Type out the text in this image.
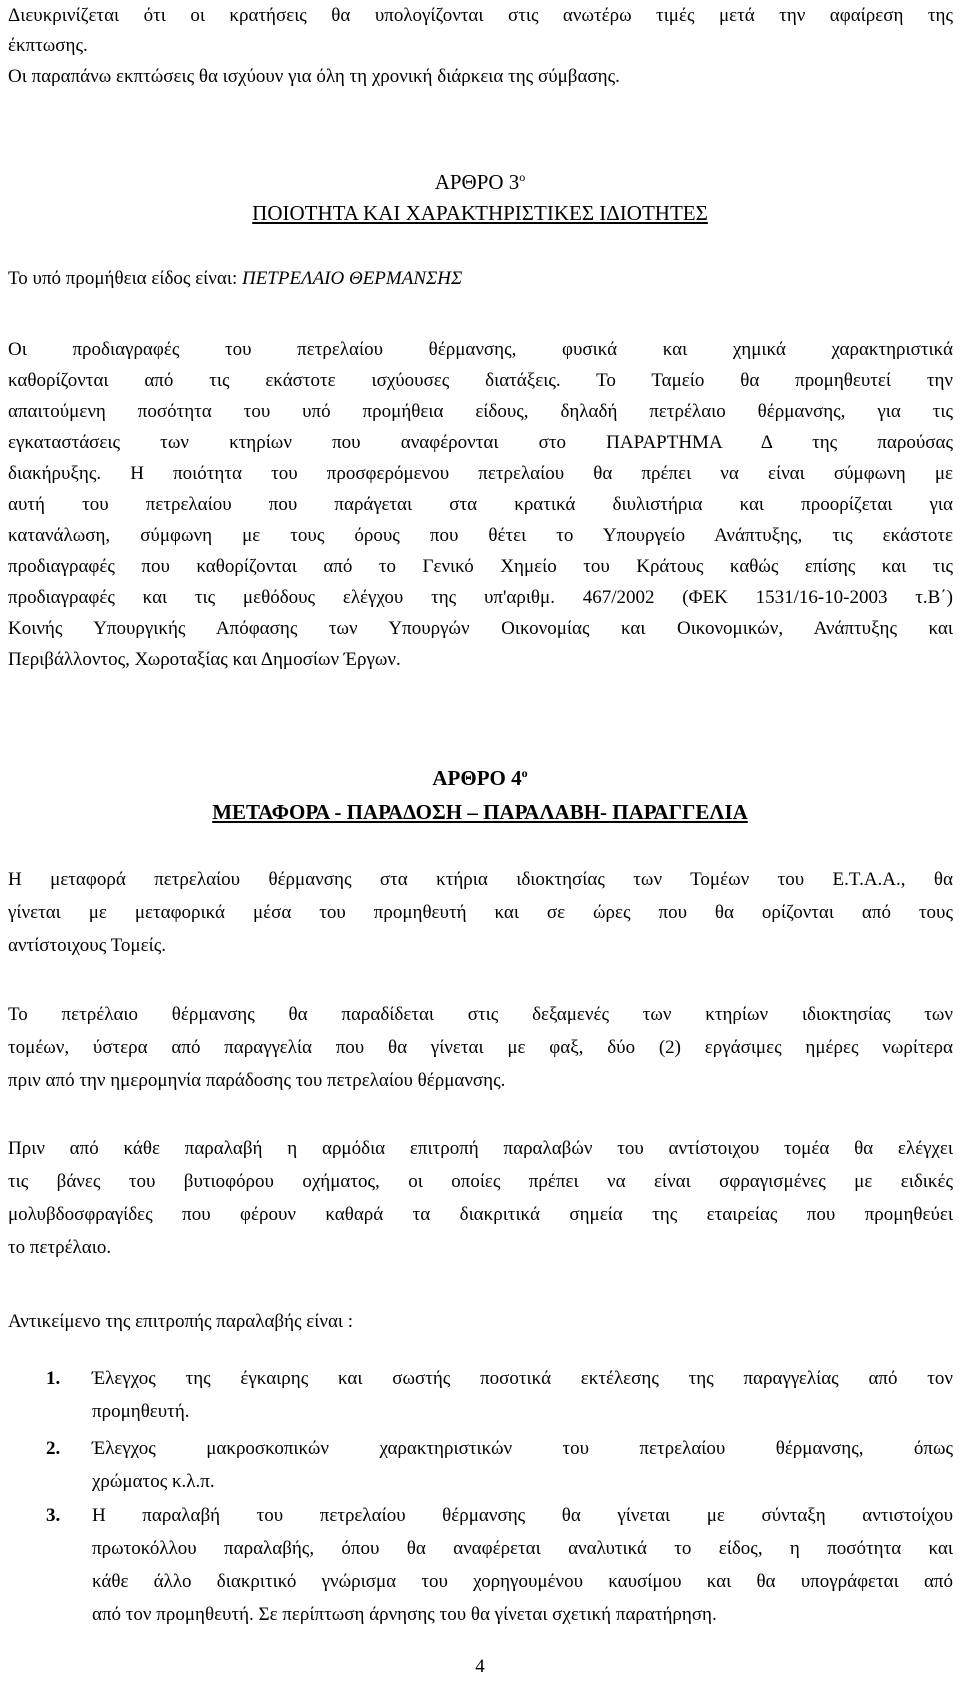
Διευκρινίζεται ότι οι κρατήσεις θα υπολογίζονται στις ανωτέρω τιμές μετά την αφαίρεση της
έκπτωσης.
Οι παραπάνω εκπτώσεις θα ισχύουν για όλη τη χρονική διάρκεια της σύμβασης.
ΑΡΘΡΟ $3^o$
ΠΟΙΟΤΗΤΑ ΚΑΙ ΧΑΡΑΚΤΗΡΙΣΤΙΚΕΣ ΙΔΙΟΤΗΤΕΣ
Το υπό προμήθεια είδος είναι: ΠΕΤΡΕΛΑΙΟ ΘΕΡΜΑΝΣΗΣ
Οι προδιαγραφές του πετρελαίου θέρμανσης, φυσικά και χημικά χαρακτηριστικά
καθορίζονται από τις εκάστοτε ισχύουσες διατάξεις. Το Ταμείο θα προμηθευτεί την
απαιτούμενη ποσότητα του υπό προμήθεια είδους, δηλαδή πετρέλαιο θέρμανσης, για τις
εγκαταστάσεις των κτηρίων που αναφέρονται στο ΠΑΡΑΡΤΗΜΑ Δ της παρούσας
διακήρυξης. Η ποιότητα του προσφερόμενου πετρελαίου θα πρέπει να είναι σύμφωνη με
αυτή του πετρελαίου που παράγεται στα κρατικά διυλιστήρια και προορίζεται για
κατανάλωση, σύμφωνη με τους όρους που θέτει το Υπουργείο Ανάπτυξης, τις εκάστοτε
προδιαγραφές που καθορίζονται από το Γενικό Χημείο του Κράτους καθώς επίσης και τις
προδιαγραφές και τις μεθόδους ελέγχου της υπ'αριθμ. 467/2002 (ΦΕΚ 1531/16-10-2003 τ.Β΄)
Κοινής Υπουργικής Απόφασης των Υπουργών Οικονομίας και Οικονομικών, Ανάπτυξης και
Περιβάλλοντος, Χωροταξίας και Δημοσίων Έργων.
ΑΡΘΡΟ $4^o$
ΜΕΤΑΦΟΡΑ - ΠΑΡΑΔΟΣΗ – ΠΑΡΑΛΑΒΗ- ΠΑΡΑΓΓΕΛΙΑ
Η μεταφορά πετρελαίου θέρμανσης στα κτήρια ιδιοκτησίας των Τομέων του Ε.Τ.Α.Α., θα
γίνεται με μεταφορικά μέσα του προμηθευτή και σε ώρες που θα ορίζονται από τους
αντίστοιχους Τομείς.
Το πετρέλαιο θέρμανσης θα παραδίδεται στις δεξαμενές των κτηρίων ιδιοκτησίας των
τομέων, ύστερα από παραγγελία που θα γίνεται με φαξ, δύο (2) εργάσιμες ημέρες νωρίτερα
πριν από την ημερομηνία παράδοσης του πετρελαίου θέρμανσης.
Πριν από κάθε παραλαβή η αρμόδια επιτροπή παραλαβών του αντίστοιχου τομέα θα ελέγχει
τις βάνες του βυτιοφόρου οχήματος, οι οποίες πρέπει να είναι σφραγισμένες με ειδικές
μολυβδοσφραγίδες που φέρουν καθαρά τα διακριτικά σημεία της εταιρείας που προμηθεύει
το πετρέλαιο.
Αντικείμενο της επιτροπής παραλαβής είναι :
1. Έλεγχος της έγκαιρης και σωστής ποσοτικά εκτέλεσης της παραγγελίας από τον
προμηθευτή.
2. Έλεγχος μακροσκοπικών χαρακτηριστικών του πετρελαίου θέρμανσης, όπως
χρώματος κ.λ.π.
3. Η παραλαβή του πετρελαίου θέρμανσης θα γίνεται με σύνταξη αντιστοίχου
πρωτοκόλλου παραλαβής, όπου θα αναφέρεται αναλυτικά το είδος, η ποσότητα και
κάθε άλλο διακριτικό γνώρισμα του χορηγουμένου καυσίμου και θα υπογράφεται από
από τον προμηθευτή. Σε περίπτωση άρνησης του θα γίνεται σχετική παρατήρηση.
4
